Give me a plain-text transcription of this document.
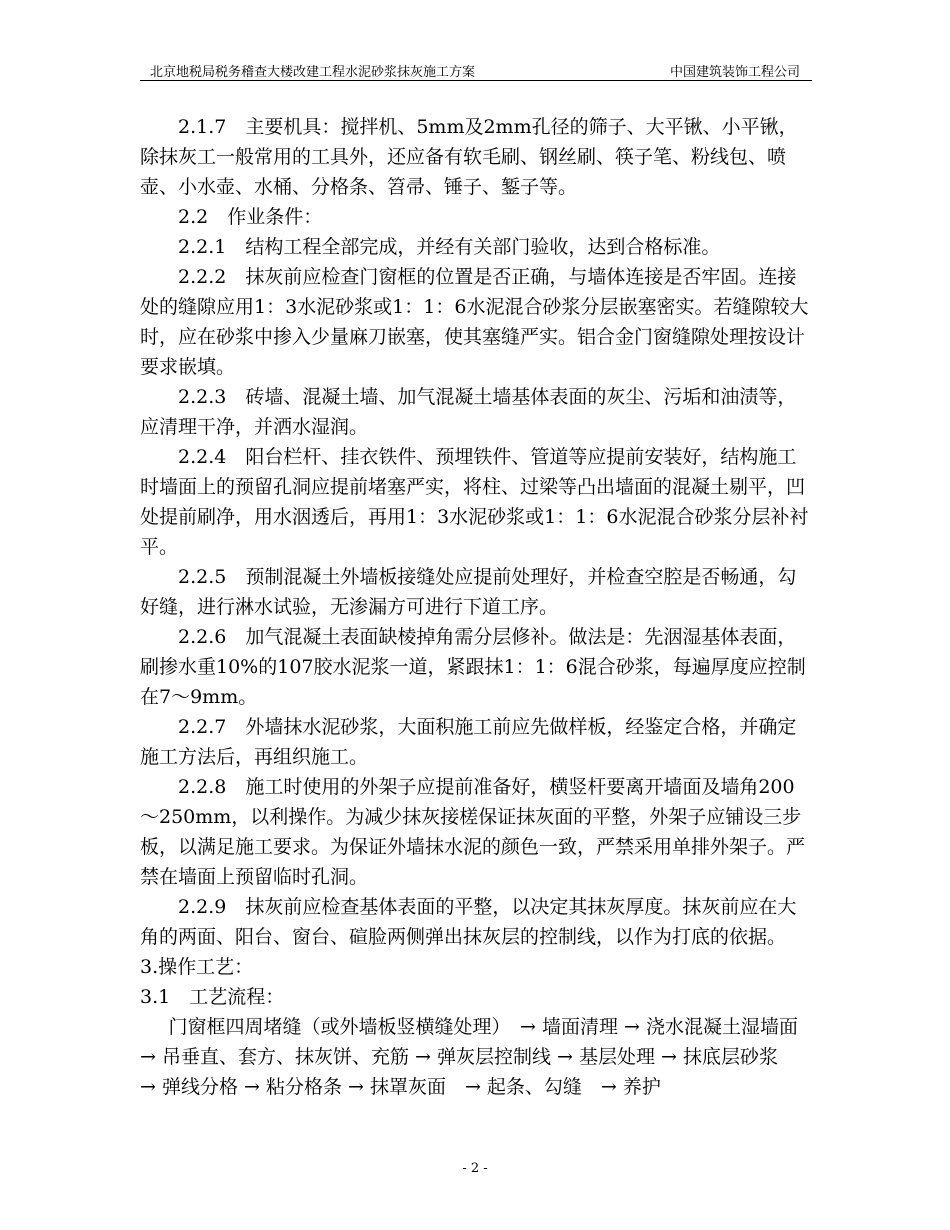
北京地税局税务稽查大楼改建工程水泥砂浆抹灰施工方案	中国建筑装饰工程公司

2.1.7　主要机具：搅拌机、5mm及2mm孔径的筛子、大平锹、小平锹，除抹灰工一般常用的工具外，还应备有软毛刷、钢丝刷、筷子笔、粉线包、喷壶、小水壶、水桶、分格条、笤帚、锤子、錾子等。

2.2　作业条件：

2.2.1　结构工程全部完成，并经有关部门验收，达到合格标准。

2.2.2　抹灰前应检查门窗框的位置是否正确，与墙体连接是否牢固。连接处的缝隙应用1：3水泥砂浆或1：1：6水泥混合砂浆分层嵌塞密实。若缝隙较大时，应在砂浆中掺入少量麻刀嵌塞，使其塞缝严实。铝合金门窗缝隙处理按设计要求嵌填。

2.2.3　砖墙、混凝土墙、加气混凝土墙基体表面的灰尘、污垢和油渍等，应清理干净，并洒水湿润。

2.2.4　阳台栏杆、挂衣铁件、预埋铁件、管道等应提前安装好，结构施工时墙面上的预留孔洞应提前堵塞严实，将柱、过梁等凸出墙面的混凝土剔平，凹处提前刷净，用水洇透后，再用1：3水泥砂浆或1：1：6水泥混合砂浆分层补衬平。

2.2.5　预制混凝土外墙板接缝处应提前处理好，并检查空腔是否畅通，勾好缝，进行淋水试验，无渗漏方可进行下道工序。

2.2.6　加气混凝土表面缺棱掉角需分层修补。做法是：先洇湿基体表面，刷掺水重10%的107胶水泥浆一道，紧跟抹1：1：6混合砂浆，每遍厚度应控制在7～9mm。

2.2.7　外墙抹水泥砂浆，大面积施工前应先做样板，经鉴定合格，并确定施工方法后，再组织施工。

2.2.8　施工时使用的外架子应提前准备好，横竖杆要离开墙面及墙角200～250mm，以利操作。为减少抹灰接槎保证抹灰面的平整，外架子应铺设三步板，以满足施工要求。为保证外墙抹水泥的颜色一致，严禁采用单排外架子。严禁在墙面上预留临时孔洞。

2.2.9　抹灰前应检查基体表面的平整，以决定其抹灰厚度。抹灰前应在大角的两面、阳台、窗台、碹脸两侧弹出抹灰层的控制线，以作为打底的依据。

3.操作工艺：

3.1　工艺流程：

门窗框四周堵缝（或外墙板竖横缝处理）　→ 墙面清理 → 浇水混凝土湿墙面　→ 吊垂直、套方、抹灰饼、充筋 → 弹灰层控制线 → 基层处理 → 抹底层砂浆　→ 弹线分格 → 粘分格条 → 抹罩灰面　→ 起条、勾缝　→ 养护

- 2 -
